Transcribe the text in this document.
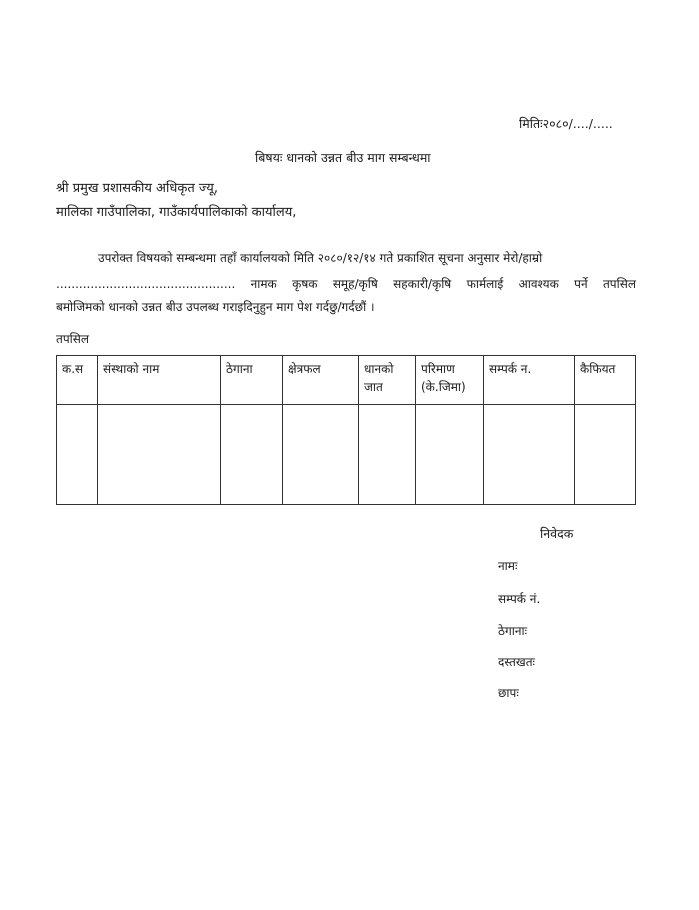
मितिः२०८०/..../.....
बिषयः धानको उन्नत बीउ माग सम्बन्धमा
श्री प्रमुख प्रशासकीय अधिकृत ज्यू,
मालिका गाउँपालिका, गाउँकार्यपालिकाको कार्यालय,
उपरोक्त विषयको सम्बन्धमा तहाँ कार्यालयको मिति २०८०/१२/१४ गते प्रकाशित सूचना अनुसार मेरो/हाम्रो
............................................... नामक कृषक समूह/कृषि सहकारी/कृषि फार्मलाई आवश्यक पर्ने तपसिल
बमोजिमको धानको उन्नत बीउ उपलब्ध गराइदिनुहुन माग पेश गर्दछु/गर्दछौं ।
तपसिल
क.स	संस्थाको नाम	ठेगाना	क्षेत्रफल	धानको जात	परिमाण (के.जिमा)	सम्पर्क न.	कैफियत

निवेदक
नामः
सम्पर्क नं.
ठेगानाः
दस्तखतः
छापः
